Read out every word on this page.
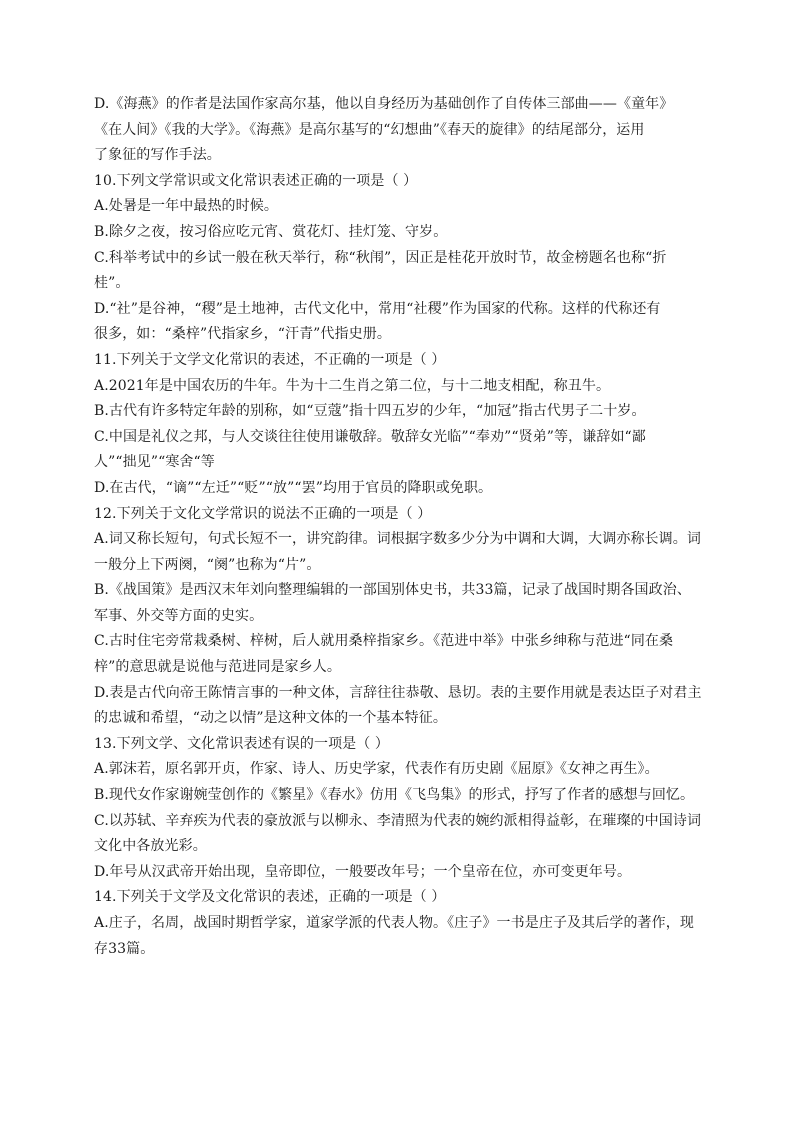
D.《海燕》的作者是法国作家高尔基，他以自身经历为基础创作了自传体三部曲——《童年》
《在人间》《我的大学》。《海燕》是高尔基写的“幻想曲”《春天的旋律》的结尾部分，运用
了象征的写作手法。
10.下列文学常识或文化常识表述正确的一项是（ ）
A.处暑是一年中最热的时候。
B.除夕之夜，按习俗应吃元宵、赏花灯、挂灯笼、守岁。
C.科举考试中的乡试一般在秋天举行，称“秋闱”，因正是桂花开放时节，故金榜题名也称“折
桂”。
D.“社”是谷神，“稷”是土地神，古代文化中，常用“社稷”作为国家的代称。这样的代称还有
很多，如：“桑梓”代指家乡，“汗青”代指史册。
11.下列关于文学文化常识的表述，不正确的一项是（ ）
A.2021年是中国农历的牛年。牛为十二生肖之第二位，与十二地支相配，称丑牛。
B.古代有许多特定年龄的别称，如“豆蔻”指十四五岁的少年，“加冠”指古代男子二十岁。
C.中国是礼仪之邦，与人交谈往往使用谦敬辞。敬辞女光临”“奉劝”“贤弟”等，谦辞如“鄙
人”“拙见”“寒舍“等
D.在古代，“谪”“左迁”“贬”“放”“罢”均用于官员的降职或免职。
12.下列关于文化文学常识的说法不正确的一项是（ ）
A.词又称长短句，句式长短不一，讲究韵律。词根据字数多少分为中调和大调，大调亦称长调。词
一般分上下两阕，“阕”也称为“片”。
B.《战国策》是西汉末年刘向整理编辑的一部国别体史书，共33篇，记录了战国时期各国政治、
军事、外交等方面的史实。
C.古时住宅旁常栽桑树、梓树，后人就用桑梓指家乡。《范进中举》中张乡绅称与范进“同在桑
梓”的意思就是说他与范进同是家乡人。
D.表是古代向帝王陈情言事的一种文体，言辞往往恭敬、恳切。表的主要作用就是表达臣子对君主
的忠诚和希望，“动之以情”是这种文体的一个基本特征。
13.下列文学、文化常识表述有误的一项是（ ）
A.郭沫若，原名郭开贞，作家、诗人、历史学家，代表作有历史剧《屈原》《女神之再生》。
B.现代女作家谢婉莹创作的《繁星》《春水》仿用《飞鸟集》的形式，抒写了作者的感想与回忆。
C.以苏轼、辛弃疾为代表的豪放派与以柳永、李清照为代表的婉约派相得益彰，在璀璨的中国诗词
文化中各放光彩。
D.年号从汉武帝开始出现，皇帝即位，一般要改年号；一个皇帝在位，亦可变更年号。
14.下列关于文学及文化常识的表述，正确的一项是（ ）
A.庄子，名周，战国时期哲学家，道家学派的代表人物。《庄子》一书是庄子及其后学的著作，现
存33篇。
